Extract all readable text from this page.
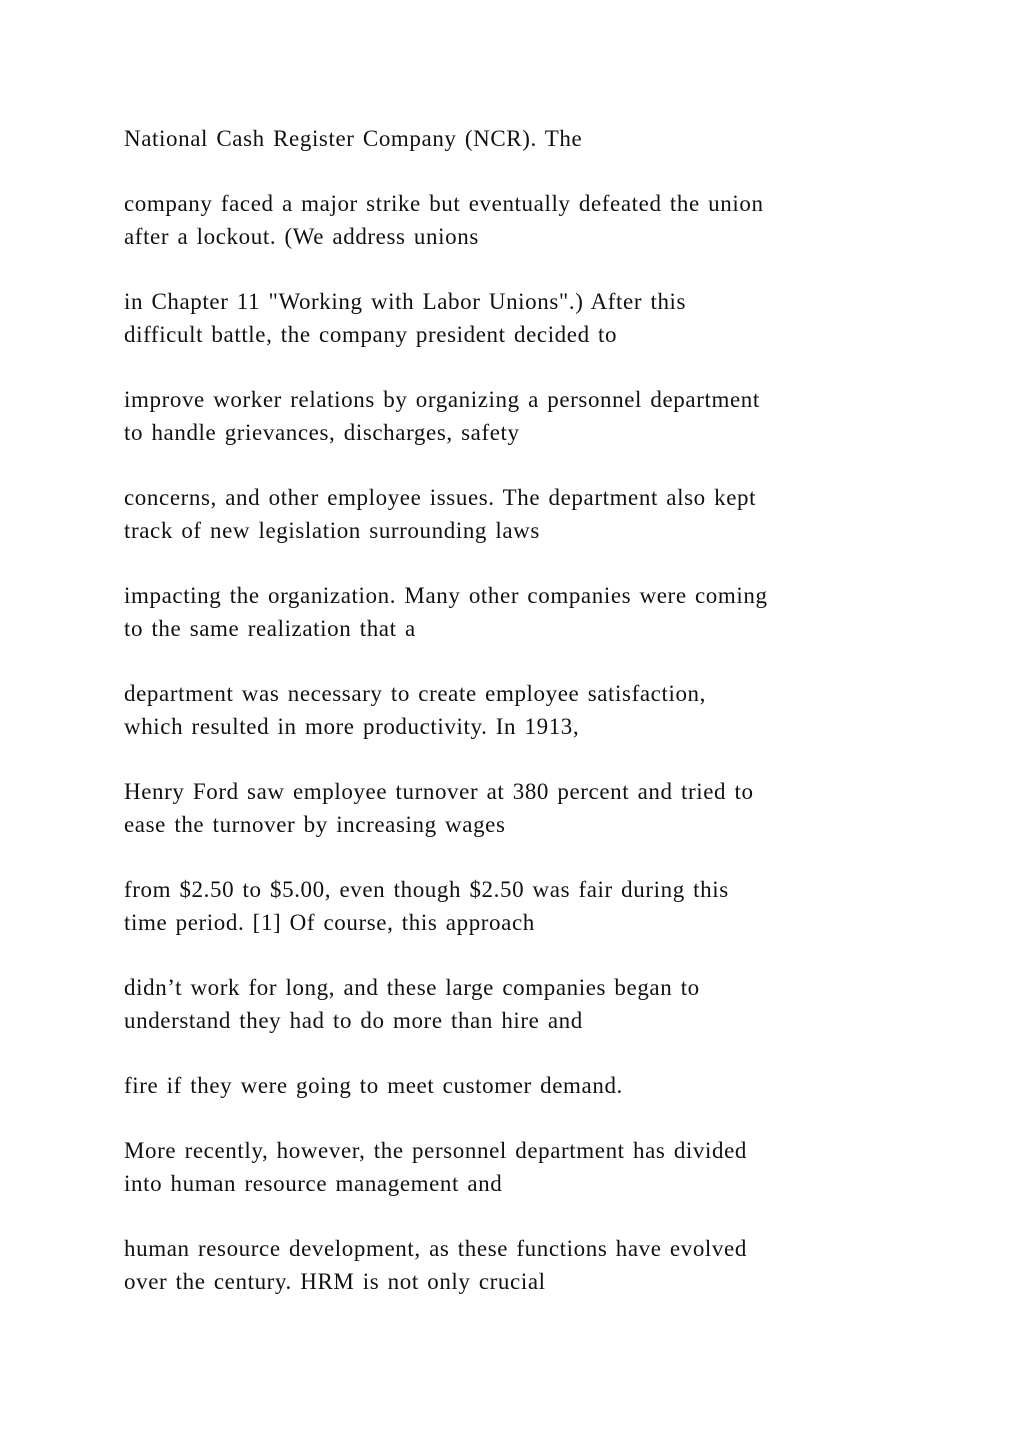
National Cash Register Company (NCR). The

company faced a major strike but eventually defeated the union
after a lockout. (We address unions

in Chapter 11 "Working with Labor Unions".) After this
difficult battle, the company president decided to

improve worker relations by organizing a personnel department
to handle grievances, discharges, safety

concerns, and other employee issues. The department also kept
track of new legislation surrounding laws

impacting the organization. Many other companies were coming
to the same realization that a

department was necessary to create employee satisfaction,
which resulted in more productivity. In 1913,

Henry Ford saw employee turnover at 380 percent and tried to
ease the turnover by increasing wages

from $2.50 to $5.00, even though $2.50 was fair during this
time period. [1] Of course, this approach

didn’t work for long, and these large companies began to
understand they had to do more than hire and

fire if they were going to meet customer demand.

More recently, however, the personnel department has divided
into human resource management and

human resource development, as these functions have evolved
over the century. HRM is not only crucial
